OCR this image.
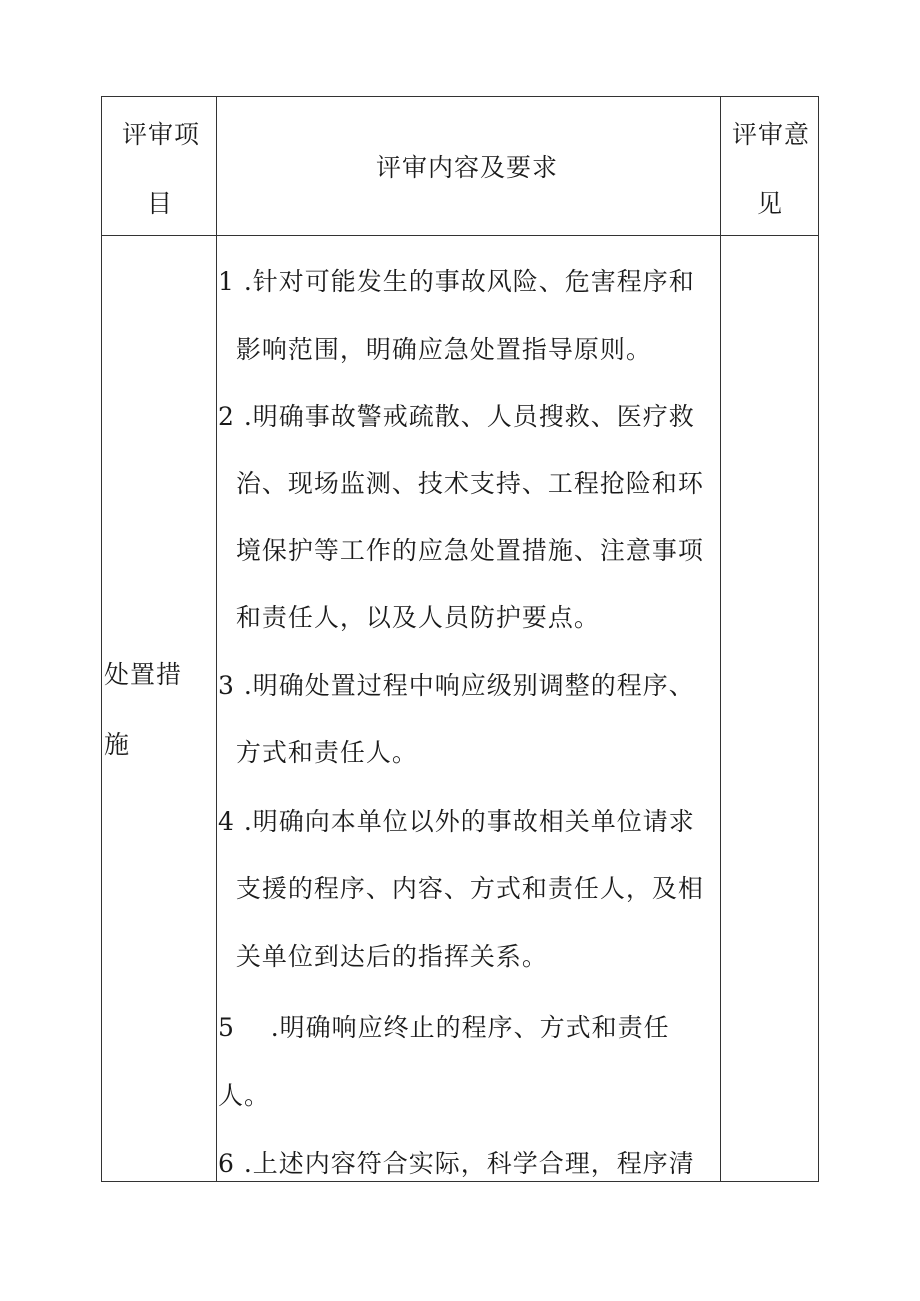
评审项
目
评审内容及要求
评审意
见
处置措
施
1 .针对可能发生的事故风险、危害程序和
影响范围，明确应急处置指导原则。
2 .明确事故警戒疏散、人员搜救、医疗救
治、现场监测、技术支持、工程抢险和环
境保护等工作的应急处置措施、注意事项
和责任人，以及人员防护要点。
3 .明确处置过程中响应级别调整的程序、
方式和责任人。
4 .明确向本单位以外的事故相关单位请求
支援的程序、内容、方式和责任人，及相
关单位到达后的指挥关系。
5    .明确响应终止的程序、方式和责任
人。
6 .上述内容符合实际，科学合理，程序清
